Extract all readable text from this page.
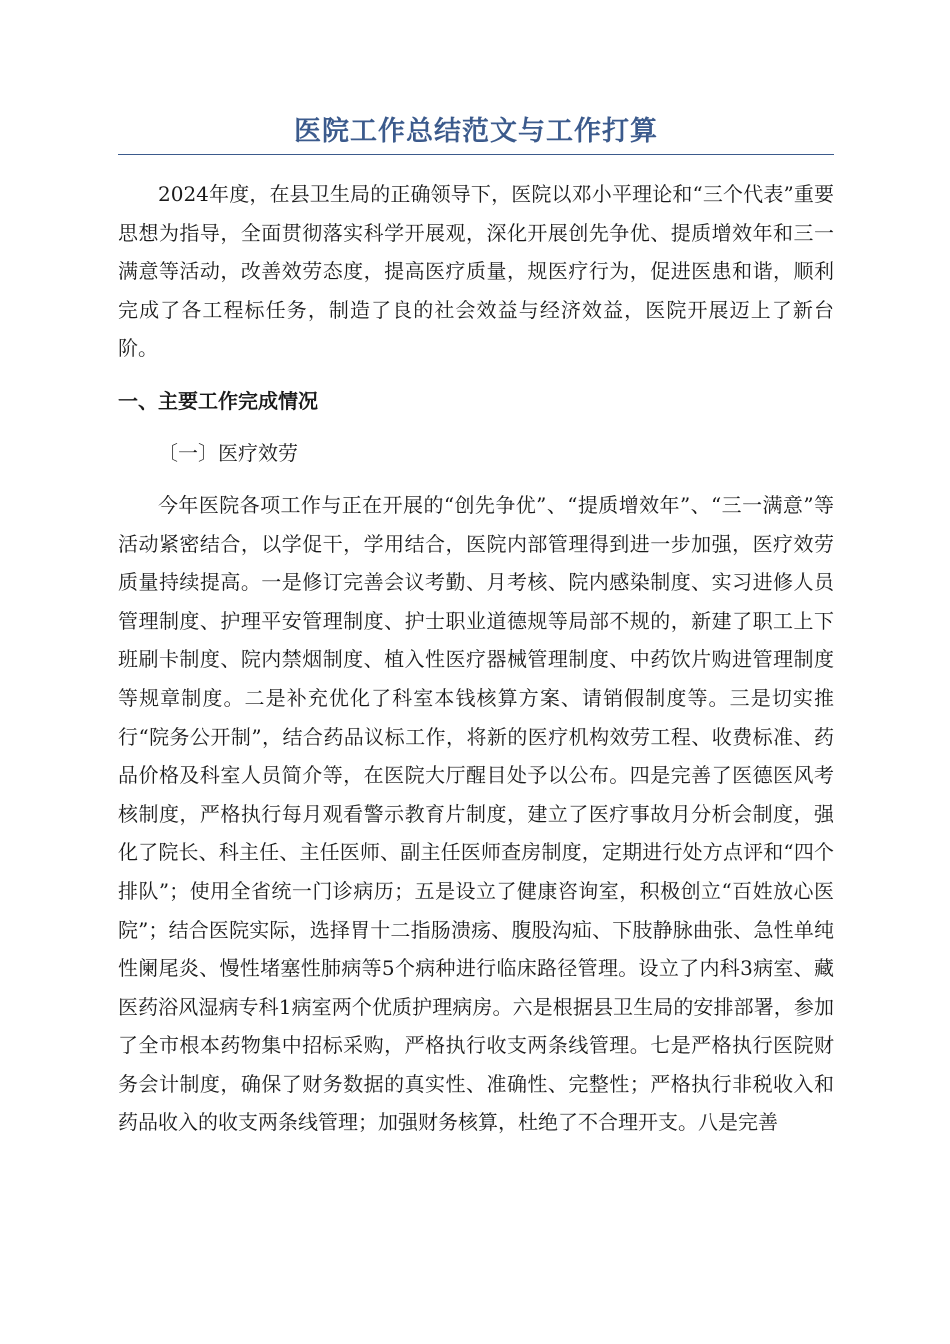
医院工作总结范文与工作打算

2024年度，在县卫生局的正确领导下，医院以邓小平理论和“三个代表”重要思想为指导，全面贯彻落实科学开展观，深化开展创先争优、提质增效年和三一满意等活动，改善效劳态度，提高医疗质量，规医疗行为，促进医患和谐，顺利完成了各工程标任务，制造了良的社会效益与经济效益，医院开展迈上了新台阶。

一、主要工作完成情况

〔一〕医疗效劳

今年医院各项工作与正在开展的“创先争优”、“提质增效年”、“三一满意”等活动紧密结合，以学促干，学用结合，医院内部管理得到进一步加强，医疗效劳质量持续提高。一是修订完善会议考勤、月考核、院内感染制度、实习进修人员管理制度、护理平安管理制度、护士职业道德规等局部不规的，新建了职工上下班刷卡制度、院内禁烟制度、植入性医疗器械管理制度、中药饮片购进管理制度等规章制度。二是补充优化了科室本钱核算方案、请销假制度等。三是切实推行“院务公开制”，结合药品议标工作，将新的医疗机构效劳工程、收费标准、药品价格及科室人员简介等，在医院大厅醒目处予以公布。四是完善了医德医风考核制度，严格执行每月观看警示教育片制度，建立了医疗事故月分析会制度，强化了院长、科主任、主任医师、副主任医师查房制度，定期进行处方点评和“四个排队”；使用全省统一门诊病历；五是设立了健康咨询室，积极创立“百姓放心医院”；结合医院实际，选择胃十二指肠溃疡、腹股沟疝、下肢静脉曲张、急性单纯性阑尾炎、慢性堵塞性肺病等5个病种进行临床路径管理。设立了内科3病室、藏医药浴风湿病专科1病室两个优质护理病房。六是根据县卫生局的安排部署，参加了全市根本药物集中招标采购，严格执行收支两条线管理。七是严格执行医院财务会计制度，确保了财务数据的真实性、准确性、完整性；严格执行非税收入和药品收入的收支两条线管理；加强财务核算，杜绝了不合理开支。八是完善
